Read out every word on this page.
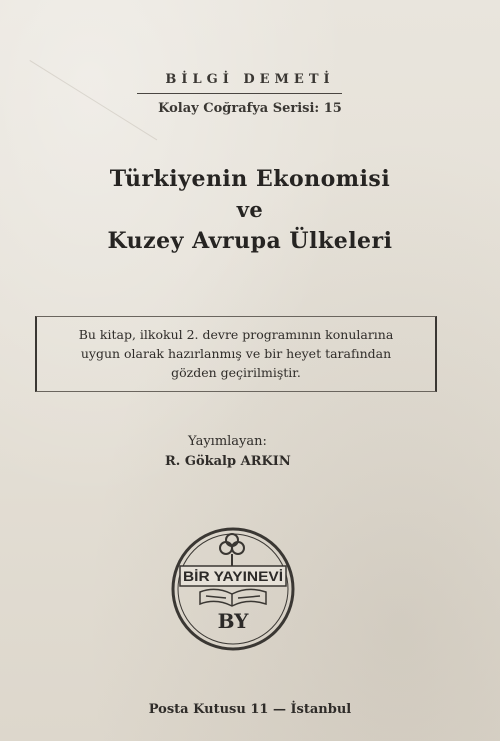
BİLGİ DEMETİ
Kolay Coğrafya Serisi: 15
Türkiyenin Ekonomisi
ve
Kuzey Avrupa Ülkeleri
Bu kitap, ilkokul 2. devre programının konularına
uygun olarak hazırlanmış ve bir heyet tarafından
gözden geçirilmiştir.
Yayımlayan:
R. Gökalp ARKIN
BİR YAYINEVİ
BY
Posta Kutusu 11 — İstanbul
